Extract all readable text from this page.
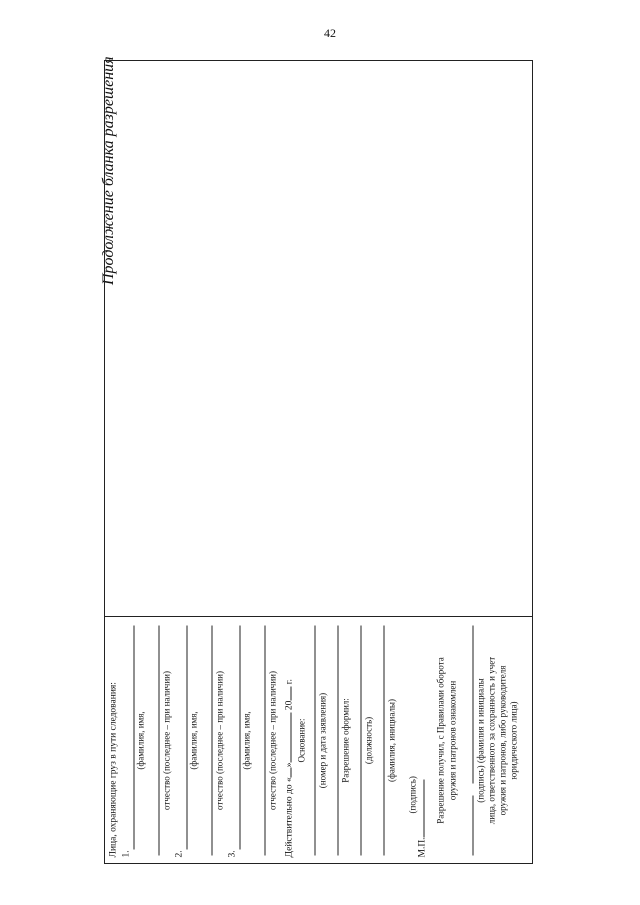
42
Продолжение бланка разрешения
Лица, охраняющие груз в пути следования: 1.
(фамилия, имя, отчество (последнее – при наличии)
2.
(фамилия, имя, отчество (последнее – при наличии)
3.
(фамилия, имя, отчество (последнее – при наличии)
Действительно до «» 20 г.
Основание: (номер и дата заявления) Разрешение оформил: (должность) (фамилия, инициалы)
М.П.
(подпись) Разрешение получил, с Правилами оборота оружия и патронов ознакомлен (подпись) (фамилия и инициалы лица, ответственного за сохранность и учет оружия и патронов, либо руководителя юридического лица)
